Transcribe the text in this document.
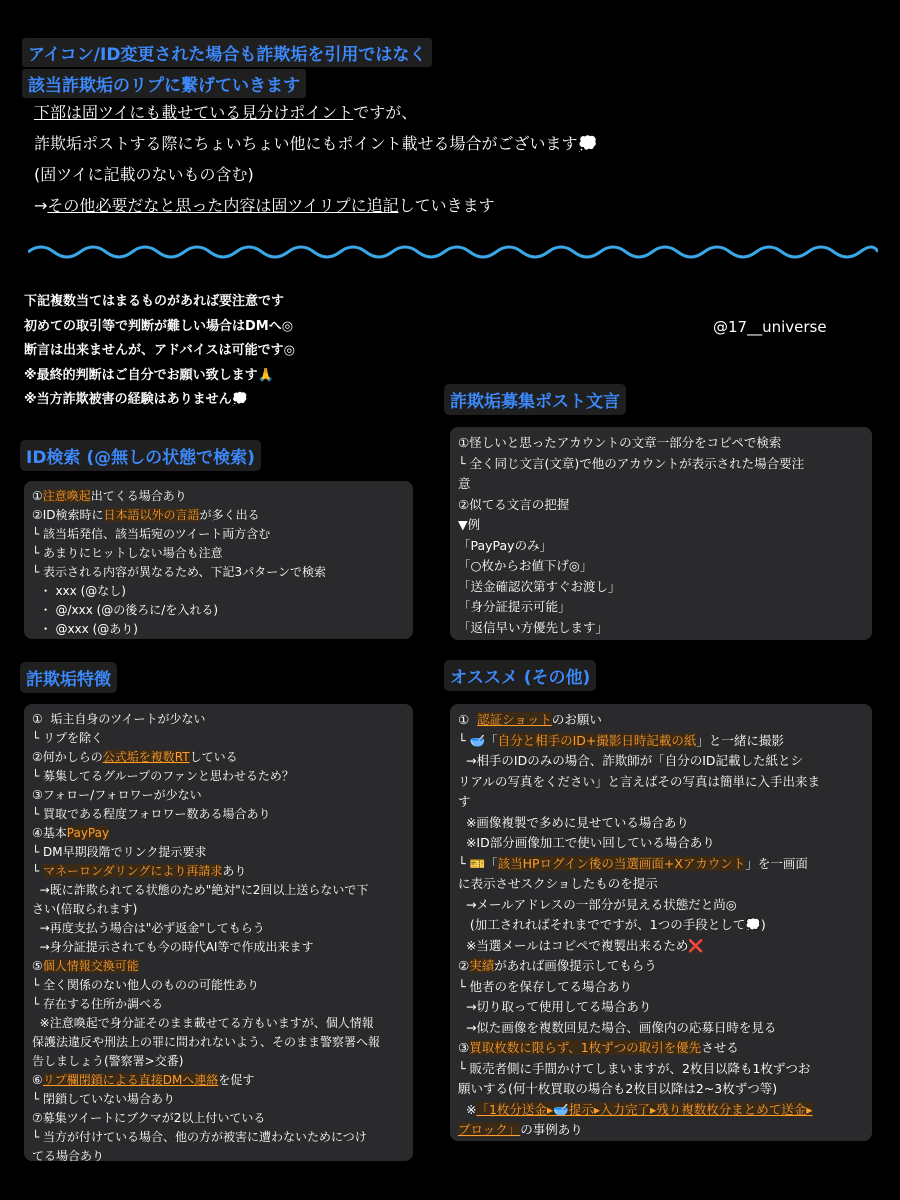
アイコン/ID変更された場合も詐欺垢を引用ではなく
該当詐欺垢のリプに繋げていきます
下部は固ツイにも載せている見分けポイントですが、
詐欺垢ポストする際にちょいちょい他にもポイント載せる場合がございます💭
(固ツイに記載のないもの含む)
→その他必要だなと思った内容は固ツイリプに追記していきます
下記複数当てはまるものがあれば要注意です
初めての取引等で判断が難しい場合はDMへ◎
断言は出来ませんが、アドバイスは可能です◎
※最終的判断はご自分でお願い致します🙏
※当方詐欺被害の経験はありません💭
@17__universe
ID検索 (@無しの状態で検索)
①注意喚起出てくる場合あり
②ID検索時に日本語以外の言語が多く出る
└ 該当垢発信、該当垢宛のツイート両方含む
└ あまりにヒットしない場合も注意
└ 表示される内容が異なるため、下記3パターンで検索
・ xxx (@なし)
・ @/xxx (@の後ろに/を入れる)
・ @xxx (@あり)
詐欺垢特徴
①  垢主自身のツイートが少ない
└ リプを除く
②何かしらの公式垢を複数RTしている
└ 募集してるグループのファンと思わせるため？
③フォロー/フォロワーが少ない
└ 買取である程度フォロワー数ある場合あり
④基本PayPay
└ DM早期段階でリンク提示要求
└ マネーロンダリングにより再請求あり
→既に詐欺られてる状態のため"絶対"に2回以上送らないで下
さい(倍取られます)
→再度支払う場合は"必ず返金"してもらう
→身分証提示されても今の時代AI等で作成出来ます
⑤個人情報交換可能
└ 全く関係のない他人のものの可能性あり
└ 存在する住所か調べる
※注意喚起で身分証そのまま載せてる方もいますが、個人情報
保護法違反や刑法上の罪に問われないよう、そのまま警察署へ報
告しましょう(警察署>交番)
⑥リプ欄閉鎖による直接DMへ連絡を促す
└ 閉鎖していない場合あり
⑦募集ツイートにブクマが2以上付いている
└ 当方が付けている場合、他の方が被害に遭わないためにつけ
てる場合あり
詐欺垢募集ポスト文言
①怪しいと思ったアカウントの文章一部分をコピペで検索
└ 全く同じ文言(文章)で他のアカウントが表示された場合要注
意
②似てる文言の把握
▼例
「PayPayのみ」
「○枚からお値下げ◎」
「送金確認次第すぐお渡し」
「身分証提示可能」
「返信早い方優先します」
オススメ (その他)
①  認証ショットのお願い
└ 🥣「自分と相手のID+撮影日時記載の紙」と一緒に撮影
→相手のIDのみの場合、詐欺師が「自分のID記載した紙とシ
リアルの写真をください」と言えばその写真は簡単に入手出来ま
す
※画像複製で多めに見せている場合あり
※ID部分画像加工で使い回している場合あり
└ 🎫「該当HPログイン後の当選画面+Xアカウント」を一画面
に表示させスクショしたものを提示
→メールアドレスの一部分が見える状態だと尚◎
(加工されればそれまでですが、1つの手段として💭)
※当選メールはコピペで複製出来るため❌
②実績があれば画像提示してもらう
└ 他者のを保存してる場合あり
→切り取って使用してる場合あり
→似た画像を複数回見た場合、画像内の応募日時を見る
③買取枚数に限らず、1枚ずつの取引を優先させる
└ 販売者側に手間かけてしまいますが、2枚目以降も1枚ずつお
願いする(何十枚買取の場合も2枚目以降は2~3枚ずつ等)
※「1枚分送金▸🥣提示▸入力完了▸残り複数枚分まとめて送金▸
ブロック」の事例あり
